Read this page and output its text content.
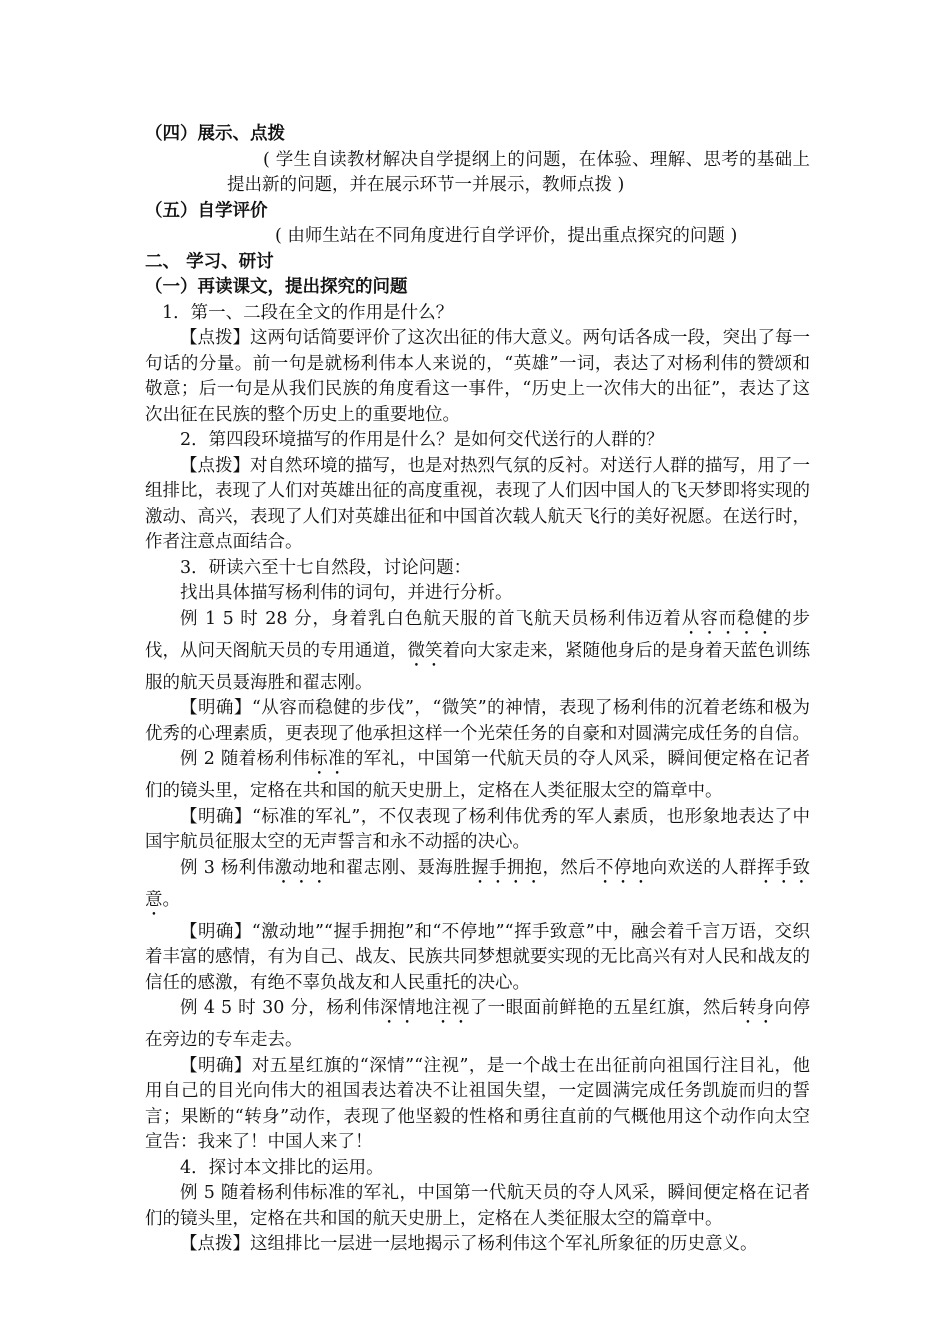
（四）展示、点拨

( 学生自读教材解决自学提纲上的问题，在体验、理解、思考的基础上提出新的问题，并在展示环节一并展示，教师点拨 )

（五）自学评价

( 由师生站在不同角度进行自学评价，提出重点探究的问题 )

二、 学习、研讨

（一）再读课文，提出探究的问题

1．第一、二段在全文的作用是什么？

【点拨】这两句话简要评价了这次出征的伟大意义。两句话各成一段，突出了每一句话的分量。前一句是就杨利伟本人来说的，“英雄”一词，表达了对杨利伟的赞颂和敬意；后一句是从我们民族的角度看这一事件，“历史上一次伟大的出征”，表达了这次出征在民族的整个历史上的重要地位。

2．第四段环境描写的作用是什么？是如何交代送行的人群的？

【点拨】对自然环境的描写，也是对热烈气氛的反衬。对送行人群的描写，用了一组排比，表现了人们对英雄出征的高度重视，表现了人们因中国人的飞天梦即将实现的激动、高兴，表现了人们对英雄出征和中国首次载人航天飞行的美好祝愿。在送行时，作者注意点面结合。

3．研读六至十七自然段，讨论问题：

找出具体描写杨利伟的词句，并进行分析。

例 1 5 时 28 分，身着乳白色航天服的首飞航天员杨利伟迈着从容而稳健的步伐，从问天阁航天员的专用通道，微笑着向大家走来，紧随他身后的是身着天蓝色训练服的航天员聂海胜和翟志刚。

【明确】“从容而稳健的步伐”，“微笑”的神情，表现了杨利伟的沉着老练和极为优秀的心理素质，更表现了他承担这样一个光荣任务的自豪和对圆满完成任务的自信。

例 2 随着杨利伟标准的军礼，中国第一代航天员的夺人风采，瞬间便定格在记者们的镜头里，定格在共和国的航天史册上，定格在人类征服太空的篇章中。

【明确】“标准的军礼”，不仅表现了杨利伟优秀的军人素质，也形象地表达了中国宇航员征服太空的无声誓言和永不动摇的决心。

例 3 杨利伟激动地和翟志刚、聂海胜握手拥抱，然后不停地向欢送的人群挥手致意。

【明确】“激动地”“握手拥抱”和“不停地”“挥手致意”中，融会着千言万语，交织着丰富的感情，有为自己、战友、民族共同梦想就要实现的无比高兴有对人民和战友的信任的感激，有绝不辜负战友和人民重托的决心。

例 4 5 时 30 分，杨利伟深情地注视了一眼面前鲜艳的五星红旗，然后转身向停在旁边的专车走去。

【明确】对五星红旗的“深情”“注视”，是一个战士在出征前向祖国行注目礼，他用自己的目光向伟大的祖国表达着决不让祖国失望，一定圆满完成任务凯旋而归的誓言；果断的“转身”动作，表现了他坚毅的性格和勇往直前的气概他用这个动作向太空宣告：我来了！中国人来了！

4．探讨本文排比的运用。

例 5 随着杨利伟标准的军礼，中国第一代航天员的夺人风采，瞬间便定格在记者们的镜头里，定格在共和国的航天史册上，定格在人类征服太空的篇章中。

【点拨】这组排比一层进一层地揭示了杨利伟这个军礼所象征的历史意义。
